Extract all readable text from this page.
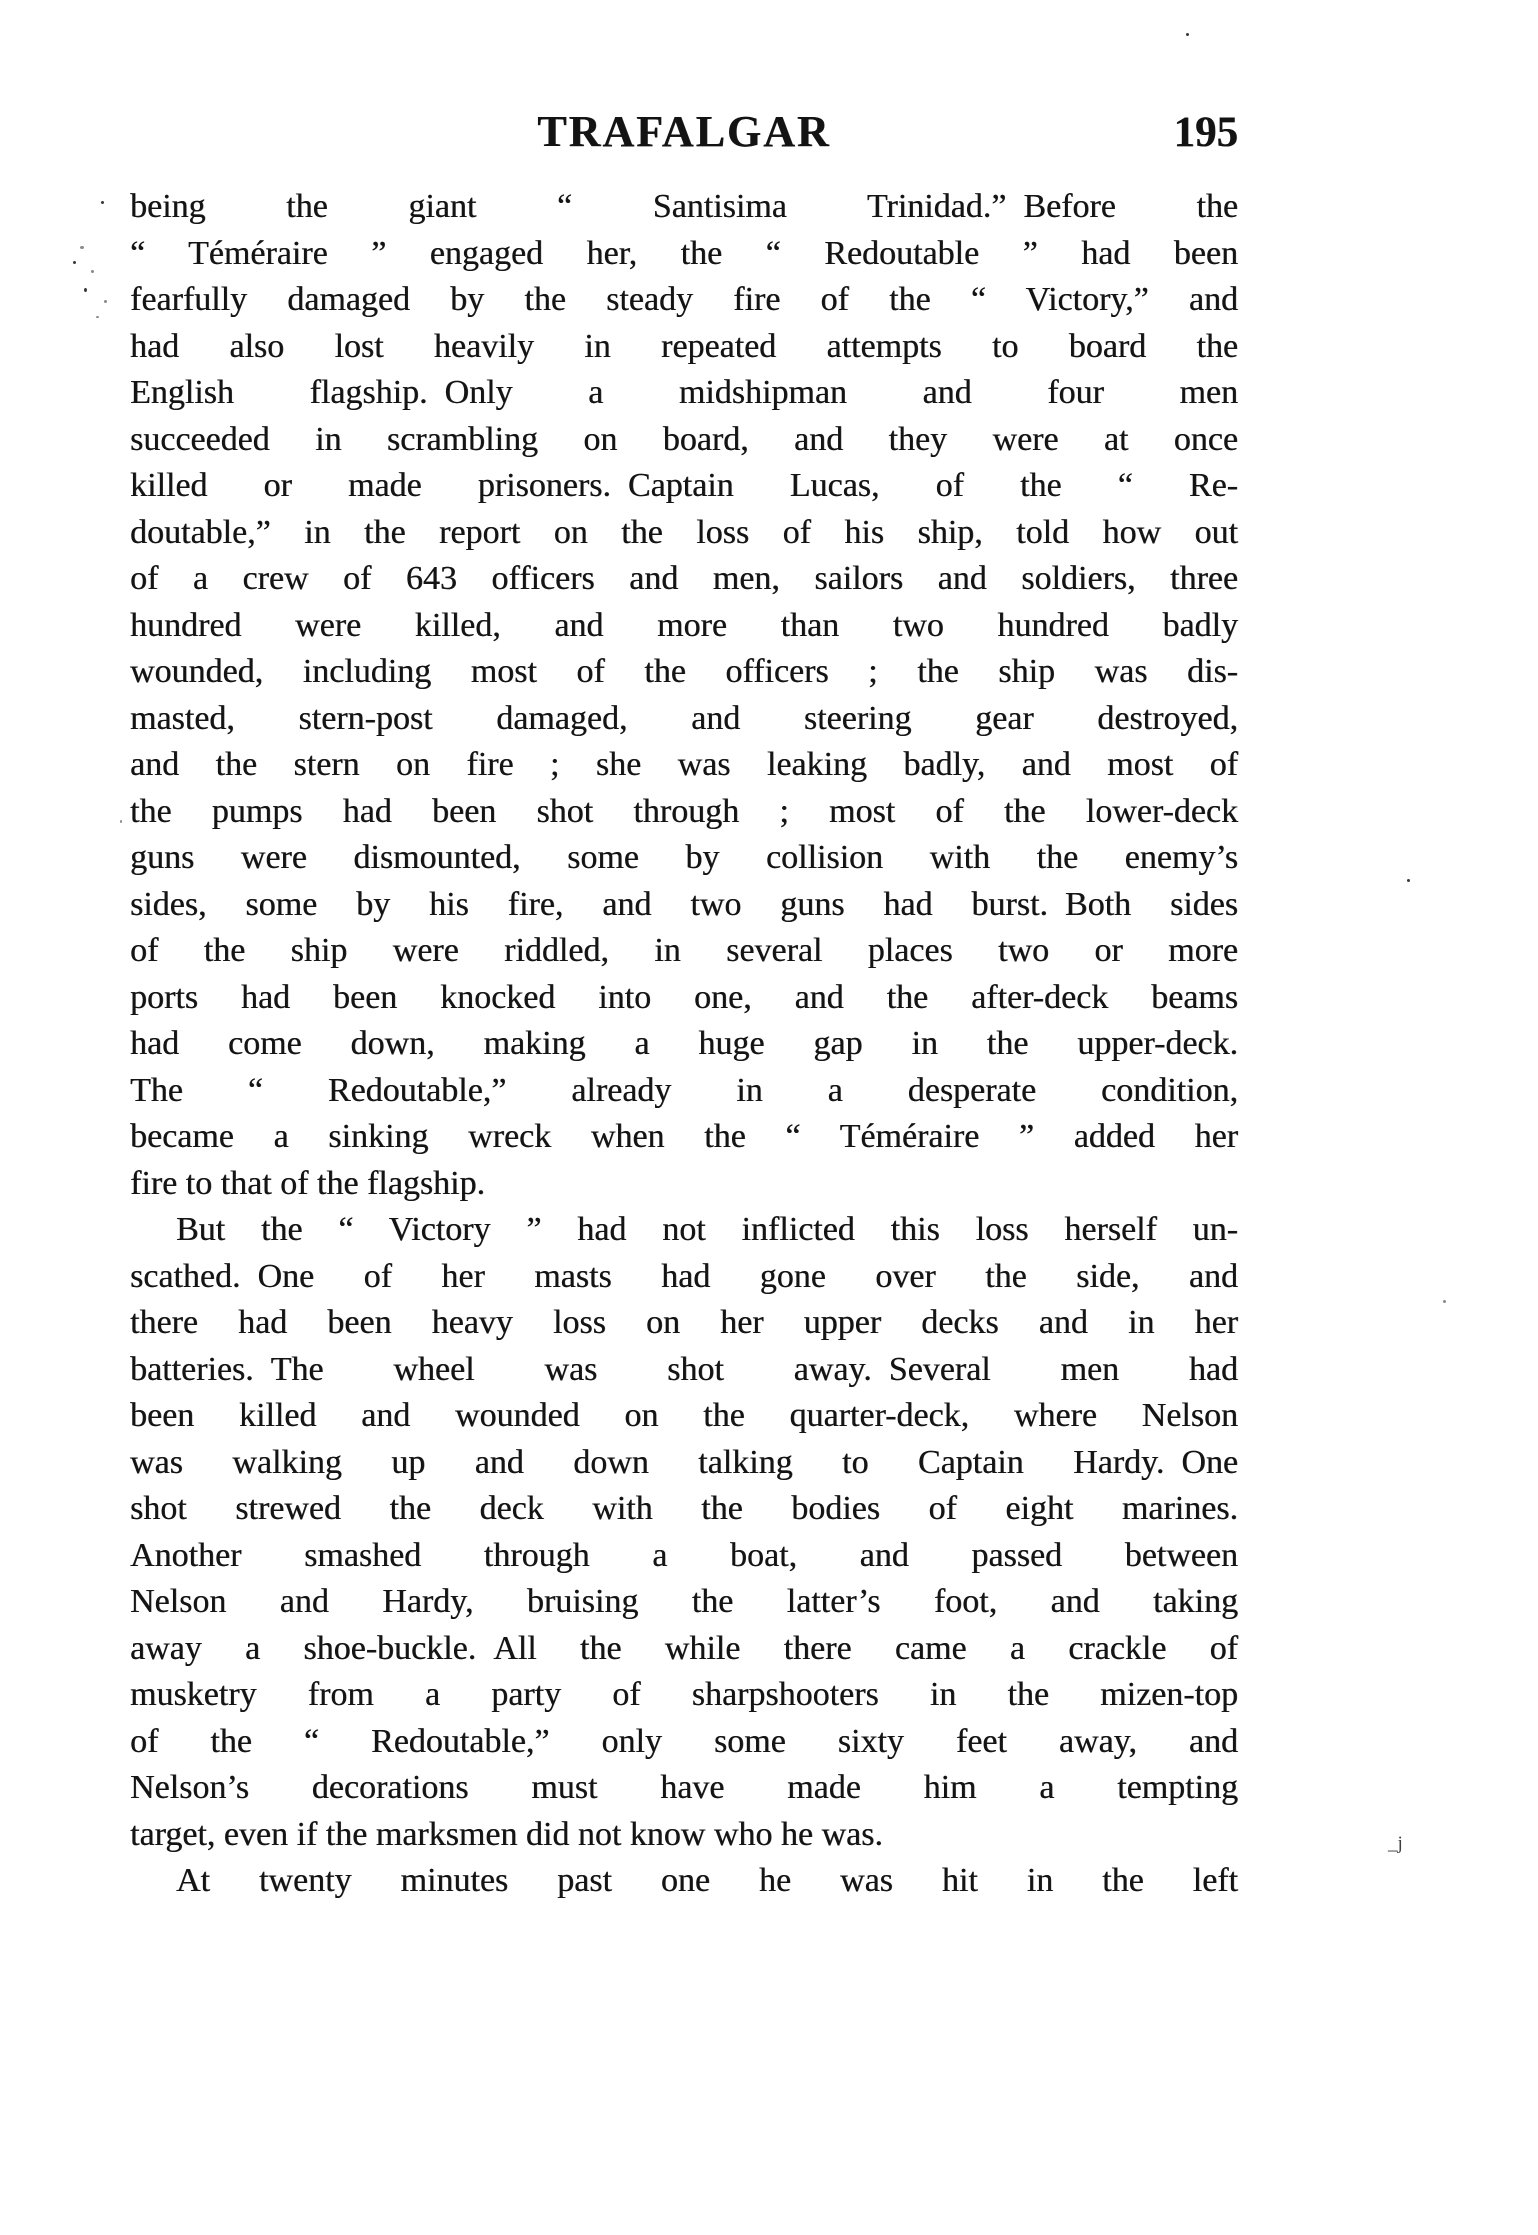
TRAFALGAR	195
being the giant “ Santisima Trinidad.” Before the
“ Téméraire ” engaged her, the “ Redoutable ” had been
fearfully damaged by the steady fire of the “ Victory,” and
had also lost heavily in repeated attempts to board the
English flagship. Only a midshipman and four men
succeeded in scrambling on board, and they were at once
killed or made prisoners. Captain Lucas, of the “ Re-
doutable,” in the report on the loss of his ship, told how out
of a crew of 643 officers and men, sailors and soldiers, three
hundred were killed, and more than two hundred badly
wounded, including most of the officers ; the ship was dis-
masted, stern-post damaged, and steering gear destroyed,
and the stern on fire ; she was leaking badly, and most of
the pumps had been shot through ; most of the lower-deck
guns were dismounted, some by collision with the enemy’s
sides, some by his fire, and two guns had burst. Both sides
of the ship were riddled, in several places two or more
ports had been knocked into one, and the after-deck beams
had come down, making a huge gap in the upper-deck.
The “ Redoutable,” already in a desperate condition,
became a sinking wreck when the “ Téméraire ” added her
fire to that of the flagship.
But the “ Victory ” had not inflicted this loss herself un-
scathed. One of her masts had gone over the side, and
there had been heavy loss on her upper decks and in her
batteries. The wheel was shot away. Several men had
been killed and wounded on the quarter-deck, where Nelson
was walking up and down talking to Captain Hardy. One
shot strewed the deck with the bodies of eight marines.
Another smashed through a boat, and passed between
Nelson and Hardy, bruising the latter’s foot, and taking
away a shoe-buckle. All the while there came a crackle of
musketry from a party of sharpshooters in the mizen-top
of the “ Redoutable,” only some sixty feet away, and
Nelson’s decorations must have made him a tempting
target, even if the marksmen did not know who he was.
At twenty minutes past one he was hit in the left
_j
